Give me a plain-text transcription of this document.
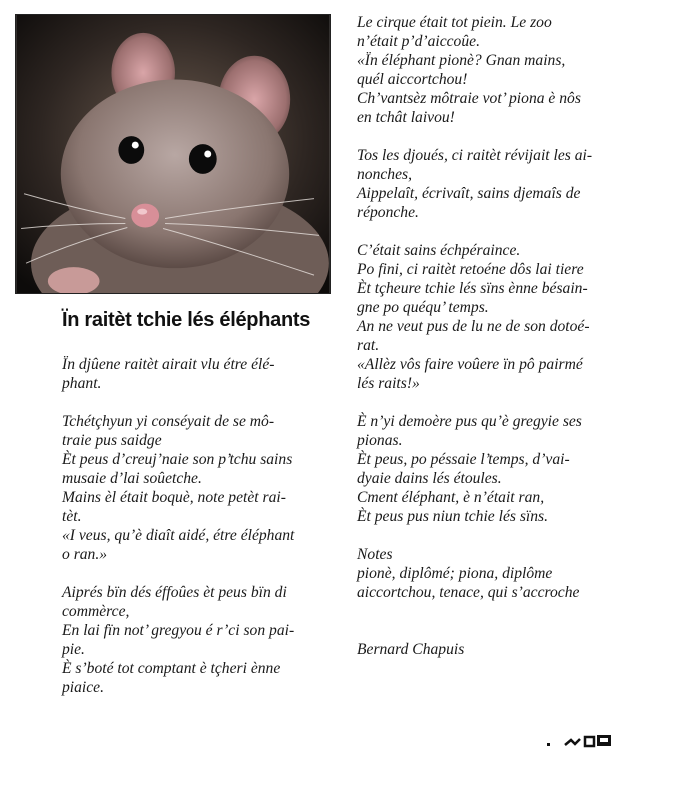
Ïn raitèt tchie lés éléphants

Ïn djûene raitèt airait vlu étre élé-

phant.

Tchétçhyun yi conséyait de se mô-

traie pus saidge

Èt peus d’creuj’naie son p’tchu sains

musaie d’lai soûetche.

Mains èl était boquè, note petèt rai-

tèt.

«I veus, qu’è diaît aidé, étre éléphant

o ran.»

Aiprés bïn dés éffoûes èt peus bïn di

commèrce,

En lai fïn not’ gregyou é r’ci son pai-

pie.

È s’boté tot comptant è tçheri ènne

piaice.

Le cirque était tot piein. Le zoo

n’était p’d’aiccoûe.

«Ïn éléphant pionè? Gnan mains,

quél aiccortchou!

Ch’vantsèz môtraie vot’ piona è nôs

en tchât laivou!

Tos les djoués, ci raitèt révijait les ai-

nonches,

Aippelaît, écrivaît, sains djemaîs de

réponche.

C’était sains échpéraince.

Po fini, ci raitèt retoéne dôs lai tiere

Èt tçheure tchie lés sïns ènne bésain-

gne po quéqu’ temps.

An ne veut pus de lu ne de son dotoé-

rat.

«Allèz vôs faire voûere ïn pô pairmé

lés raits!»

È n’yi demoère pus qu’è gregyie ses

pionas.

Èt peus, po péssaie l’temps, d’vai-

dyaie dains lés étoules.

Cment éléphant, è n’était ran,

Èt peus pus niun tchie lés sïns.

Notes

pionè, diplômé; piona, diplôme

aiccortchou, tenace, qui s’accroche

Bernard Chapuis
